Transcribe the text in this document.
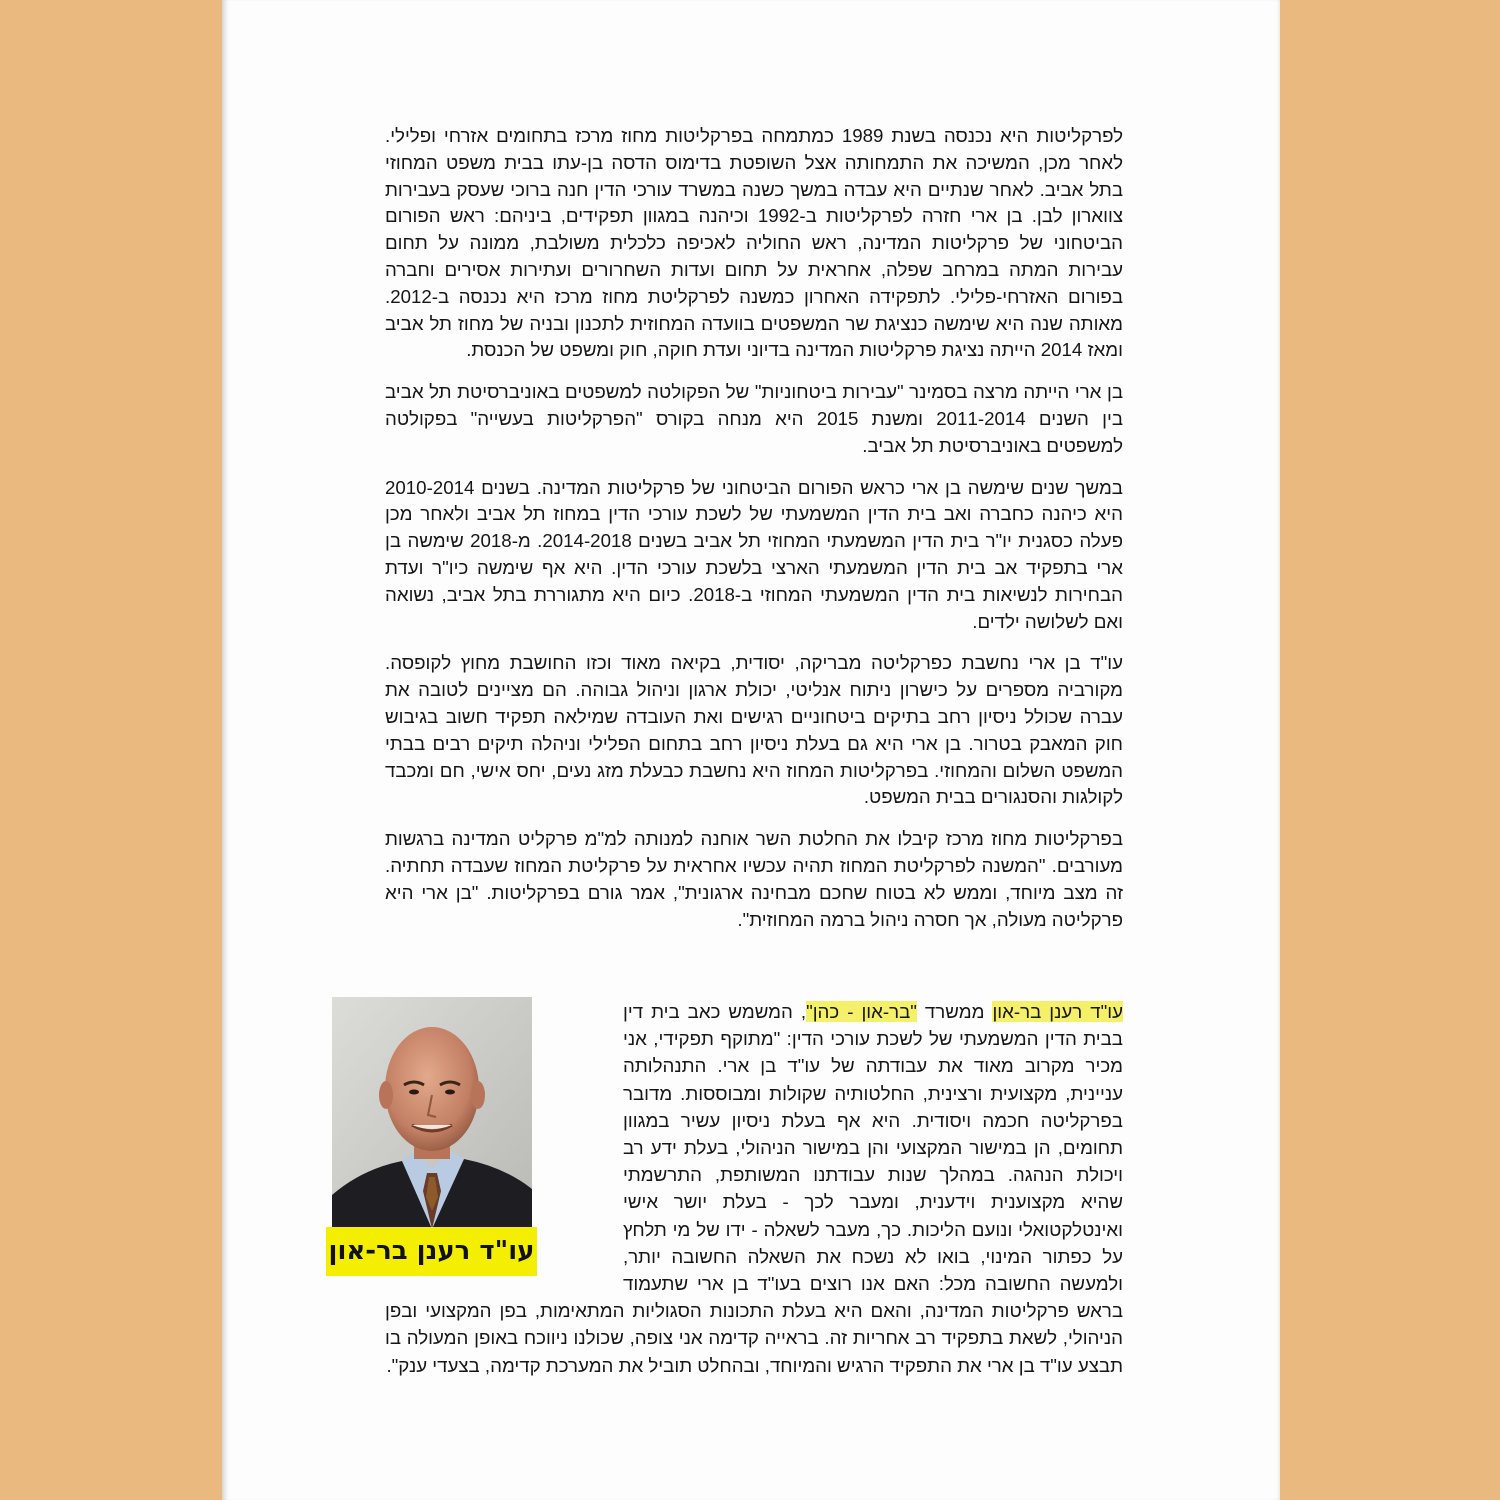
לפרקליטות היא נכנסה בשנת 1989 כמתמחה בפרקליטות מחוז מרכז בתחומים אזרחי ופלילי. לאחר מכן, המשיכה את התמחותה אצל השופטת בדימוס הדסה בן-עתו בבית משפט המחוזי בתל אביב. לאחר שנתיים היא עבדה במשך כשנה במשרד עורכי הדין חנה ברוכי שעסק בעבירות צווארון לבן. בן ארי חזרה לפרקליטות ב-1992 וכיהנה במגוון תפקידים, ביניהם: ראש הפורום הביטחוני של פרקליטות המדינה, ראש החוליה לאכיפה כלכלית משולבת, ממונה על תחום עבירות המתה במרחב שפלה, אחראית על תחום ועדות השחרורים ועתירות אסירים וחברה בפורום האזרחי-פלילי. לתפקידה האחרון כמשנה לפרקליטת מחוז מרכז היא נכנסה ב-2012. מאותה שנה היא שימשה כנציגת שר המשפטים בוועדה המחוזית לתכנון ובניה של מחוז תל אביב ומאז 2014 הייתה נציגת פרקליטות המדינה בדיוני ועדת חוקה, חוק ומשפט של הכנסת.

בן ארי הייתה מרצה בסמינר "עבירות ביטחוניות" של הפקולטה למשפטים באוניברסיטת תל אביב בין השנים 2011-2014 ומשנת 2015 היא מנחה בקורס "הפרקליטות בעשייה" בפקולטה למשפטים באוניברסיטת תל אביב.

במשך שנים שימשה בן ארי כראש הפורום הביטחוני של פרקליטות המדינה. בשנים 2010-2014 היא כיהנה כחברה ואב בית הדין המשמעתי של לשכת עורכי הדין במחוז תל אביב ולאחר מכן פעלה כסגנית יו"ר בית הדין המשמעתי המחוזי תל אביב בשנים 2014-2018. מ-2018 שימשה בן ארי בתפקיד אב בית הדין המשמעתי הארצי בלשכת עורכי הדין. היא אף שימשה כיו"ר ועדת הבחירות לנשיאות בית הדין המשמעתי המחוזי ב-2018. כיום היא מתגוררת בתל אביב, נשואה ואם לשלושה ילדים.

עו"ד בן ארי נחשבת כפרקליטה מבריקה, יסודית, בקיאה מאוד וכזו החושבת מחוץ לקופסה. מקורביה מספרים על כישרון ניתוח אנליטי, יכולת ארגון וניהול גבוהה. הם מציינים לטובה את עברה שכולל ניסיון רחב בתיקים ביטחוניים רגישים ואת העובדה שמילאה תפקיד חשוב בגיבוש חוק המאבק בטרור. בן ארי היא גם בעלת ניסיון רחב בתחום הפלילי וניהלה תיקים רבים בבתי המשפט השלום והמחוזי. בפרקליטות המחוז היא נחשבת כבעלת מזג נעים, יחס אישי, חם ומכבד לקולגות והסנגורים בבית המשפט.

בפרקליטות מחוז מרכז קיבלו את החלטת השר אוחנה למנותה למ"מ פרקליט המדינה ברגשות מעורבים. "המשנה לפרקליטת המחוז תהיה עכשיו אחראית על פרקליטת המחוז שעבדה תחתיה. זה מצב מיוחד, וממש לא בטוח שחכם מבחינה ארגונית", אמר גורם בפרקליטות. "בן ארי היא פרקליטה מעולה, אך חסרה ניהול ברמה המחוזית".

עו"ד רענן בר-און
עו"ד רענן בר-און ממשרד "בר-און - כהן", המשמש כאב בית דין בבית הדין המשמעתי של לשכת עורכי הדין: "מתוקף תפקידי, אני מכיר מקרוב מאוד את עבודתה של עו"ד בן ארי. התנהלותה עניינית, מקצועית ורצינית, החלטותיה שקולות ומבוססות. מדובר בפרקליטה חכמה ויסודית. היא אף בעלת ניסיון עשיר במגוון תחומים, הן במישור המקצועי והן במישור הניהולי, בעלת ידע רב ויכולת הנהגה. במהלך שנות עבודתנו המשותפת, התרשמתי שהיא מקצוענית וידענית, ומעבר לכך - בעלת יושר אישי ואינטלקטואלי ונועם הליכות. כך, מעבר לשאלה - ידו של מי תלחץ על כפתור המינוי, בואו לא נשכח את השאלה החשובה יותר, ולמעשה החשובה מכל: האם אנו רוצים בעו"ד בן ארי שתעמוד בראש פרקליטות המדינה, והאם היא בעלת התכונות הסגוליות המתאימות, בפן המקצועי ובפן הניהולי, לשאת בתפקיד רב אחריות זה. בראייה קדימה אני צופה, שכולנו ניווכח באופן המעולה בו תבצע עו"ד בן ארי את התפקיד הרגיש והמיוחד, ובהחלט תוביל את המערכת קדימה, בצעדי ענק".
